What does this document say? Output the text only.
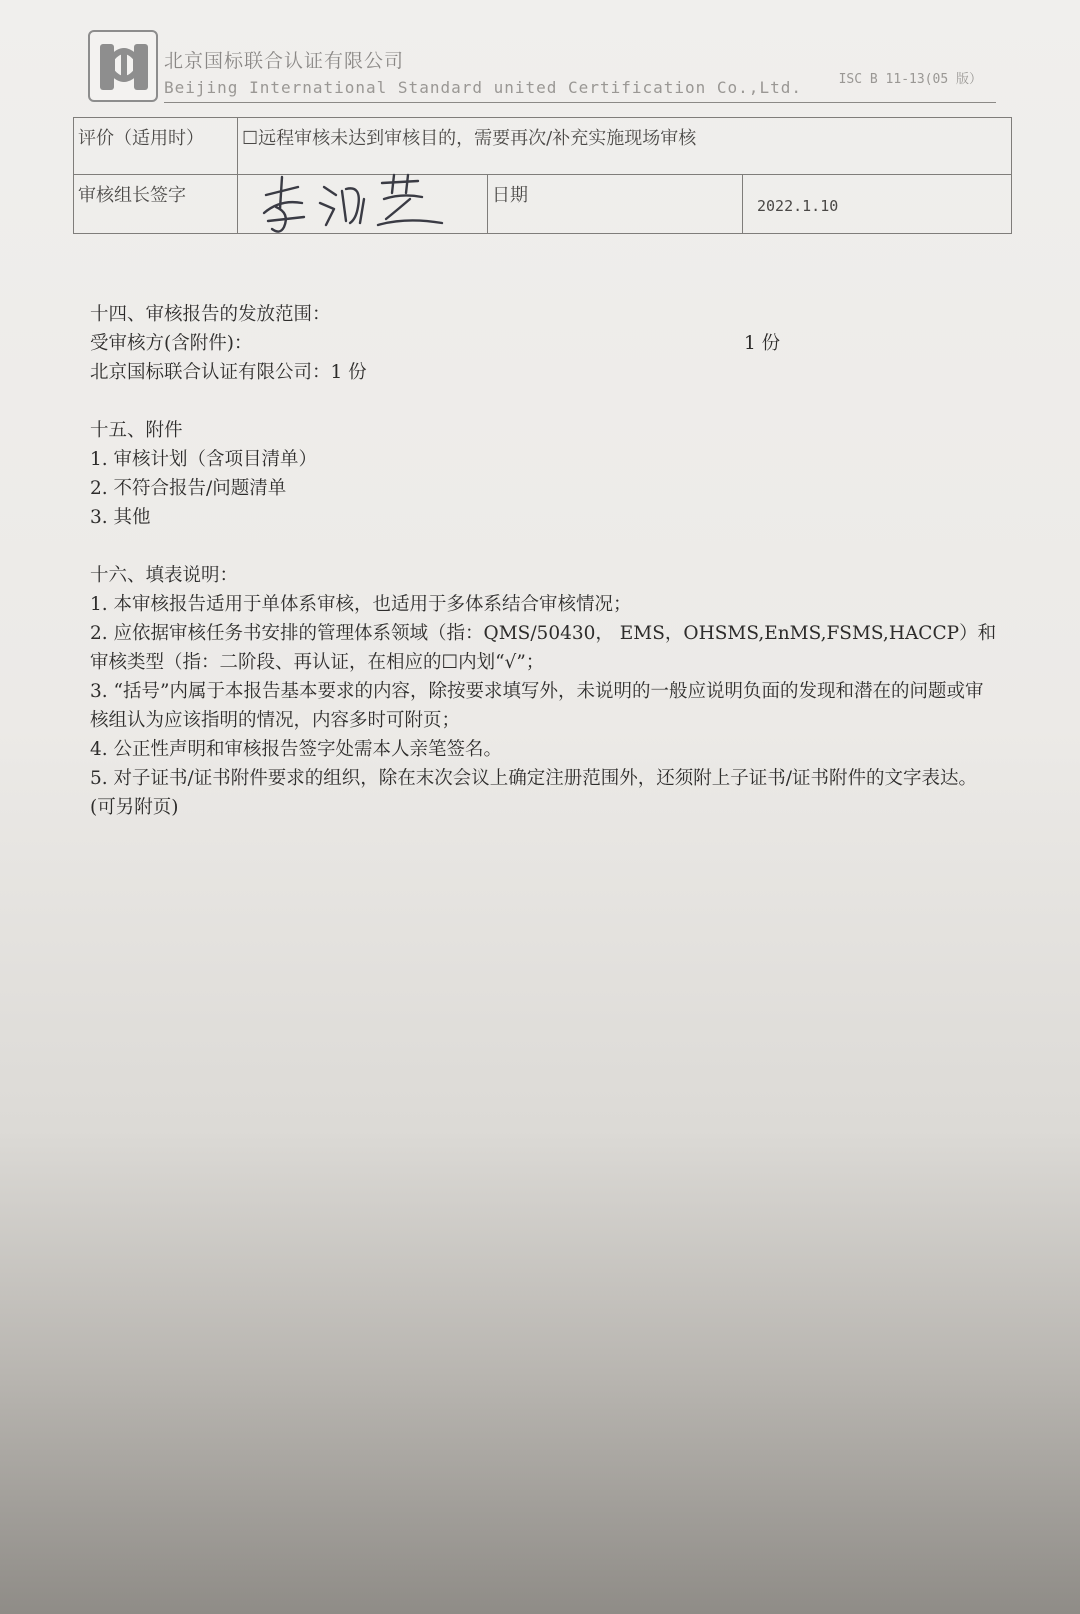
北京国标联合认证有限公司
Beijing International Standard united Certification Co.,Ltd.	ISC B 11-13(05 版）
评价（适用时）	☐远程审核未达到审核目的，需要再次/补充实施现场审核		
审核组长签字		日期	2022.1.10
十四、审核报告的发放范围：
受审核方(含附件)：	1 份
北京国标联合认证有限公司：1 份
十五、附件
1. 审核计划（含项目清单）
2. 不符合报告/问题清单
3. 其他
十六、填表说明：
1. 本审核报告适用于单体系审核，也适用于多体系结合审核情况；
2. 应依据审核任务书安排的管理体系领域（指：QMS/50430， EMS，OHSMS,EnMS,FSMS,HACCP）和审核类型（指：二阶段、再认证，在相应的☐内划“√”；
3. “括号”内属于本报告基本要求的内容，除按要求填写外，未说明的一般应说明负面的发现和潜在的问题或审核组认为应该指明的情况，内容多时可附页；
4. 公正性声明和审核报告签字处需本人亲笔签名。
5. 对子证书/证书附件要求的组织，除在末次会议上确定注册范围外，还须附上子证书/证书附件的文字表达。(可另附页)
